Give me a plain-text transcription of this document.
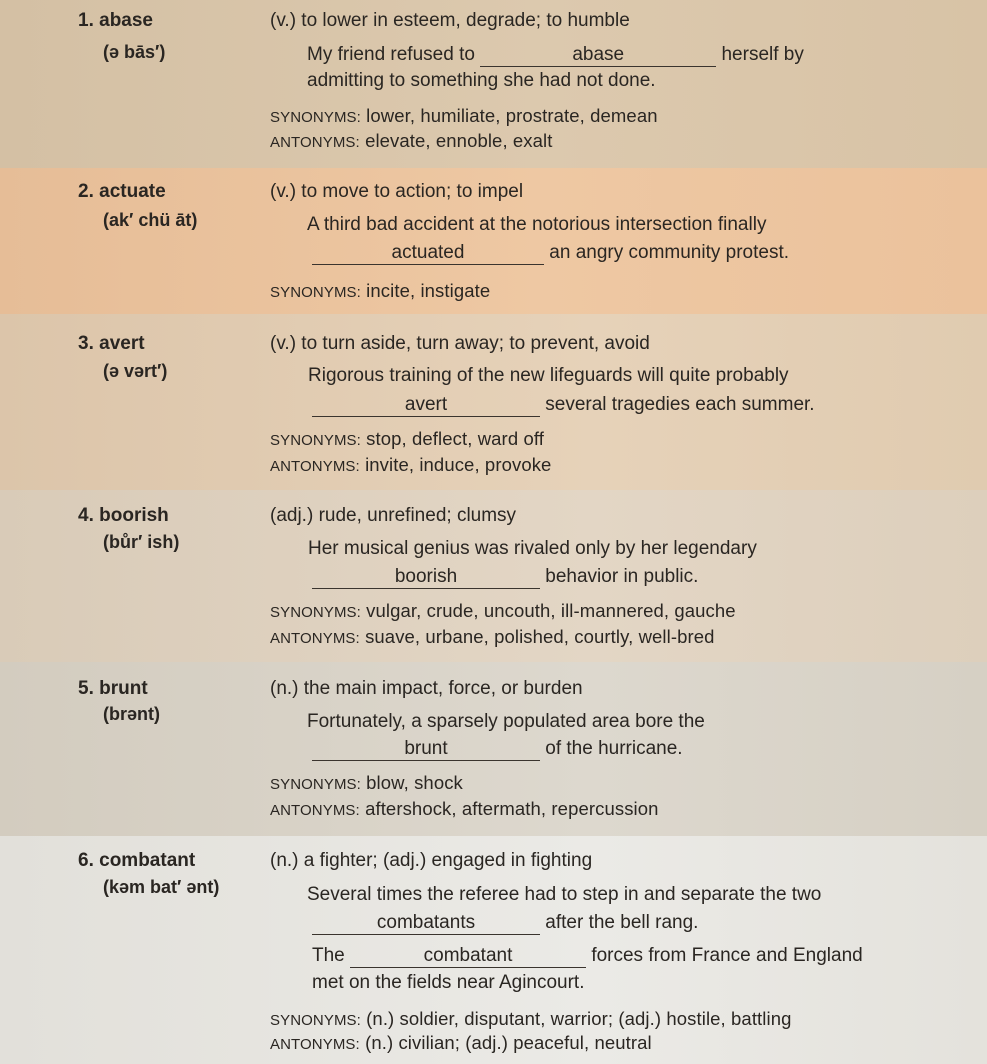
1. abase
(ə bās′)
(v.) to lower in esteem, degrade; to humble
My friend refused to	abase	herself by
admitting to something she had not done.
SYNONYMS: lower, humiliate, prostrate, demean
ANTONYMS: elevate, ennoble, exalt
2. actuate
(ak′ chü āt)
(v.) to move to action; to impel
A third bad accident at the notorious intersection finally
actuated	an angry community protest.
SYNONYMS: incite, instigate
3. avert
(ə vərt′)
(v.) to turn aside, turn away; to prevent, avoid
Rigorous training of the new lifeguards will quite probably
avert	several tragedies each summer.
SYNONYMS: stop, deflect, ward off
ANTONYMS: invite, induce, provoke
4. boorish
(bůr′ ish)
(adj.) rude, unrefined; clumsy
Her musical genius was rivaled only by her legendary
boorish	behavior in public.
SYNONYMS: vulgar, crude, uncouth, ill-mannered, gauche
ANTONYMS: suave, urbane, polished, courtly, well-bred
5. brunt
(brənt)
(n.) the main impact, force, or burden
Fortunately, a sparsely populated area bore the
brunt	of the hurricane.
SYNONYMS: blow, shock
ANTONYMS: aftershock, aftermath, repercussion
6. combatant
(kəm bat′ ənt)
(n.) a fighter; (adj.) engaged in fighting
Several times the referee had to step in and separate the two
combatants	after the bell rang.
The	combatant	forces from France and England
met on the fields near Agincourt.
SYNONYMS: (n.) soldier, disputant, warrior; (adj.) hostile, battling
ANTONYMS: (n.) civilian; (adj.) peaceful, neutral
